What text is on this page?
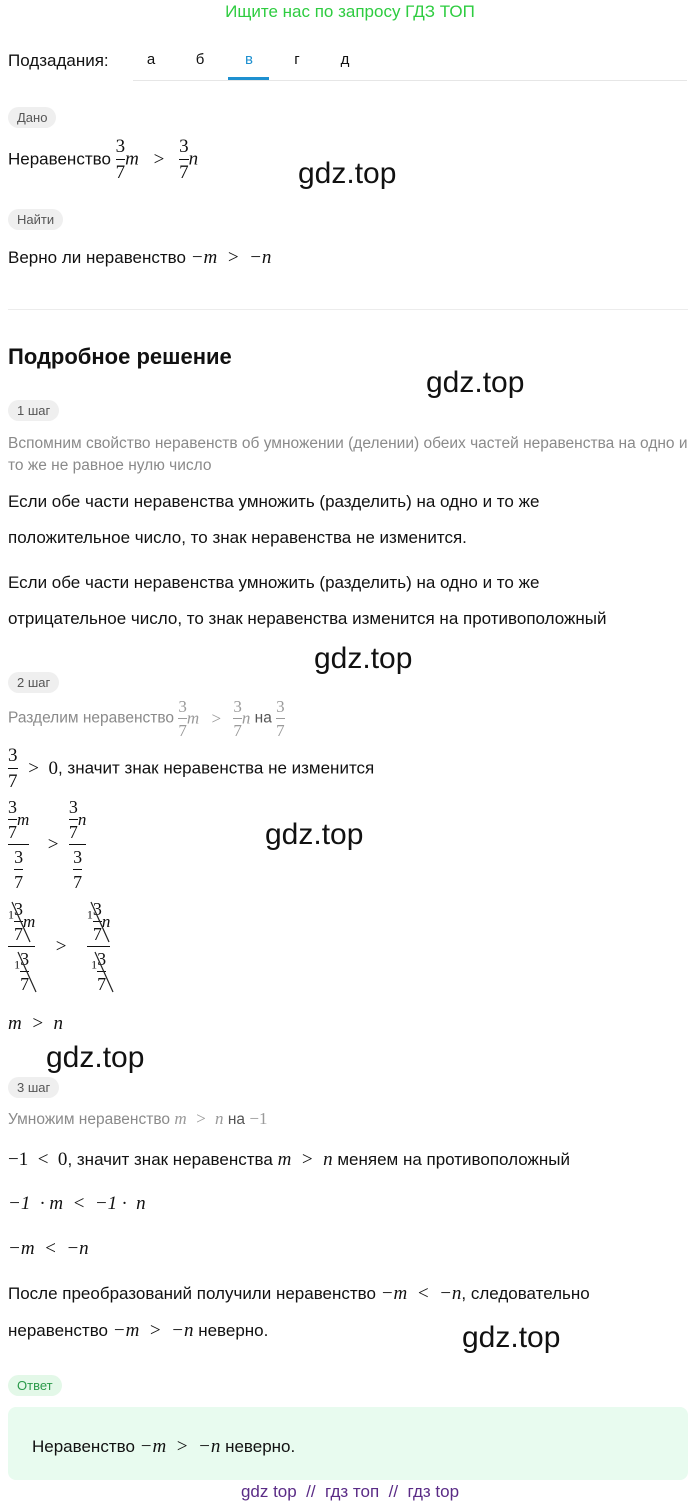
Ищите нас по запросу ГДЗ ТОП
Подзадания:	а	б	в	г	д
Дано
Неравенство $\frac{3}{7}$ $m > \frac{3}{7}$ n	gdz.top
Найти
Верно ли неравенство −m  >  −n
Подробное решение
gdz.top
1 шаг
Вспомним свойство неравенств об умножении (делении) обеих частей неравенства на одно и то же не равное нулю число
Если обе части неравенства умножить (разделить) на одно и то же
положительное число, то знак неравенства не изменится.
Если обе части неравенства умножить (разделить) на одно и то же
отрицательное число, то знак неравенства изменится на противоположный
gdz.top
2 шаг
Разделим неравенство $\frac{3}{7}$ $m > \frac{3}{7}$ n на $\frac{3}{7}$
$\frac{3}{7} > 0$, значит знак неравенства не изменится
$\frac{\frac{3}{7} m}{\frac{3}{7}} > \frac{\frac{3}{7} n}{\frac{3}{7}}$	gdz.top
$\frac{^1 \frac{3}{7} m}{^1 \frac{3}{7}} > \frac{^1 \frac{3}{7} n}{^1 \frac{3}{7}}$
m  >  n
gdz.top
3 шаг
Умножим неравенство m  >  n на −1
−1  <  0, значит знак неравенства m  >  n меняем на противоположный
−1  · m  <  −1 ·  n
−m  <  −n
После преобразований получили неравенство −m  <  −n, следовательно
неравенство −m  >  −n неверно.	gdz.top
Ответ
Неравенство −m  >  −n неверно.
gdz top  //  гдз топ  //  гдз top
